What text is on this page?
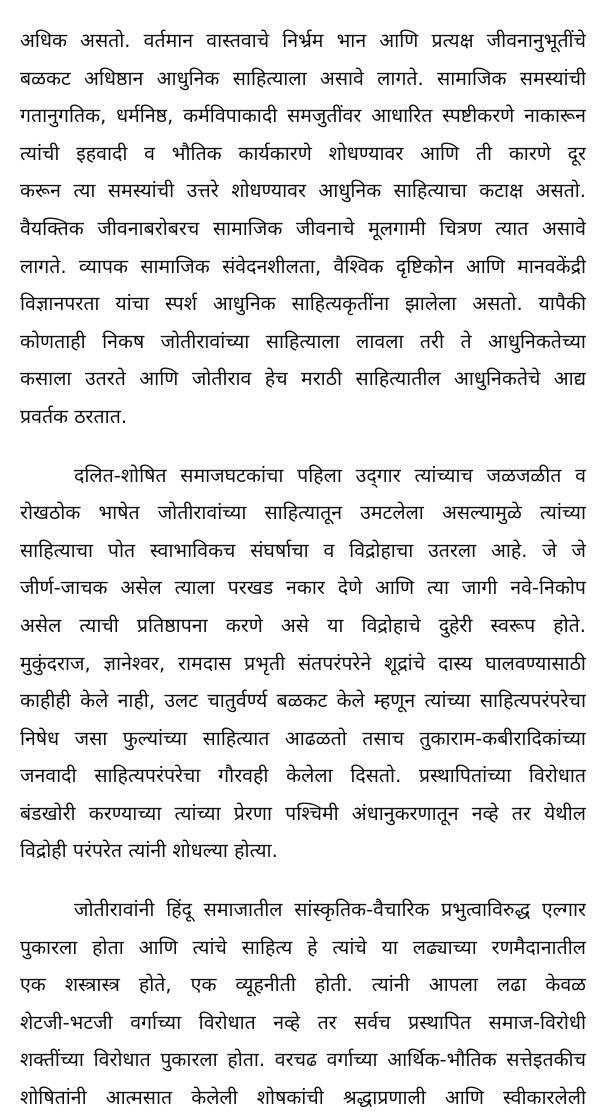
अधिक असतो. वर्तमान वास्तवाचे निर्भ्रम भान आणि प्रत्यक्ष जीवनानुभूतींचे
बळकट अधिष्ठान आधुनिक साहित्याला असावे लागते. सामाजिक समस्यांची
गतानुगतिक, धर्मनिष्ठ, कर्मविपाकादी समजुतींवर आधारित स्पष्टीकरणे नाकारून
त्यांची इहवादी व भौतिक कार्यकारणे शोधण्यावर आणि ती कारणे दूर
करून त्या समस्यांची उत्तरे शोधण्यावर आधुनिक साहित्याचा कटाक्ष असतो.
वैयक्तिक जीवनाबरोबरच सामाजिक जीवनाचे मूलगामी चित्रण त्यात असावे
लागते. व्यापक सामाजिक संवेदनशीलता, वैश्विक दृष्टिकोन आणि मानवकेंद्री
विज्ञानपरता यांचा स्पर्श आधुनिक साहित्यकृतींना झालेला असतो. यापैकी
कोणताही निकष जोतीरावांच्या साहित्याला लावला तरी ते आधुनिकतेच्या
कसाला उतरते आणि जोतीराव हेच मराठी साहित्यातील आधुनिकतेचे आद्य
प्रवर्तक ठरतात.
दलित-शोषित समाजघटकांचा पहिला उद्‌गार त्यांच्याच जळजळीत व
रोखठोक भाषेत जोतीरावांच्या साहित्यातून उमटलेला असल्यामुळे त्यांच्या
साहित्याचा पोत स्वाभाविकच संघर्षाचा व विद्रोहाचा उतरला आहे. जे जे
जीर्ण-जाचक असेल त्याला परखड नकार देणे आणि त्या जागी नवे-निकोप
असेल त्याची प्रतिष्ठापना करणे असे या विद्रोहाचे दुहेरी स्वरूप होते.
मुकुंदराज, ज्ञानेश्वर, रामदास प्रभृती संतपरंपरेने शूद्रांचे दास्य घालवण्यासाठी
काहीही केले नाही, उलट चातुर्वर्ण्य बळकट केले म्हणून त्यांच्या साहित्यपरंपरेचा
निषेध जसा फुल्यांच्या साहित्यात आढळतो तसाच तुकाराम-कबीरादिकांच्या
जनवादी साहित्यपरंपरेचा गौरवही केलेला दिसतो. प्रस्थापितांच्या विरोधात
बंडखोरी करण्याच्या त्यांच्या प्रेरणा पश्चिमी अंधानुकरणातून नव्हे तर येथील
विद्रोही परंपरेत त्यांनी शोधल्या होत्या.
जोतीरावांनी हिंदू समाजातील सांस्कृतिक-वैचारिक प्रभुत्वाविरुद्ध एल्गार
पुकारला होता आणि त्यांचे साहित्य हे त्यांचे या लढ्याच्या रणमैदानातील
एक शस्त्रास्त्र होते, एक व्यूहनीती होती. त्यांनी आपला लढा केवळ
शेटजी-भटजी वर्गाच्या विरोधात नव्हे तर सर्वच प्रस्थापित समाज-विरोधी
शक्तींच्या विरोधात पुकारला होता. वरचढ वर्गाच्या आर्थिक-भौतिक सत्तेइतकीच
शोषितांनी आत्मसात केलेली शोषकांची श्रद्धाप्रणाली आणि स्वीकारलेली
